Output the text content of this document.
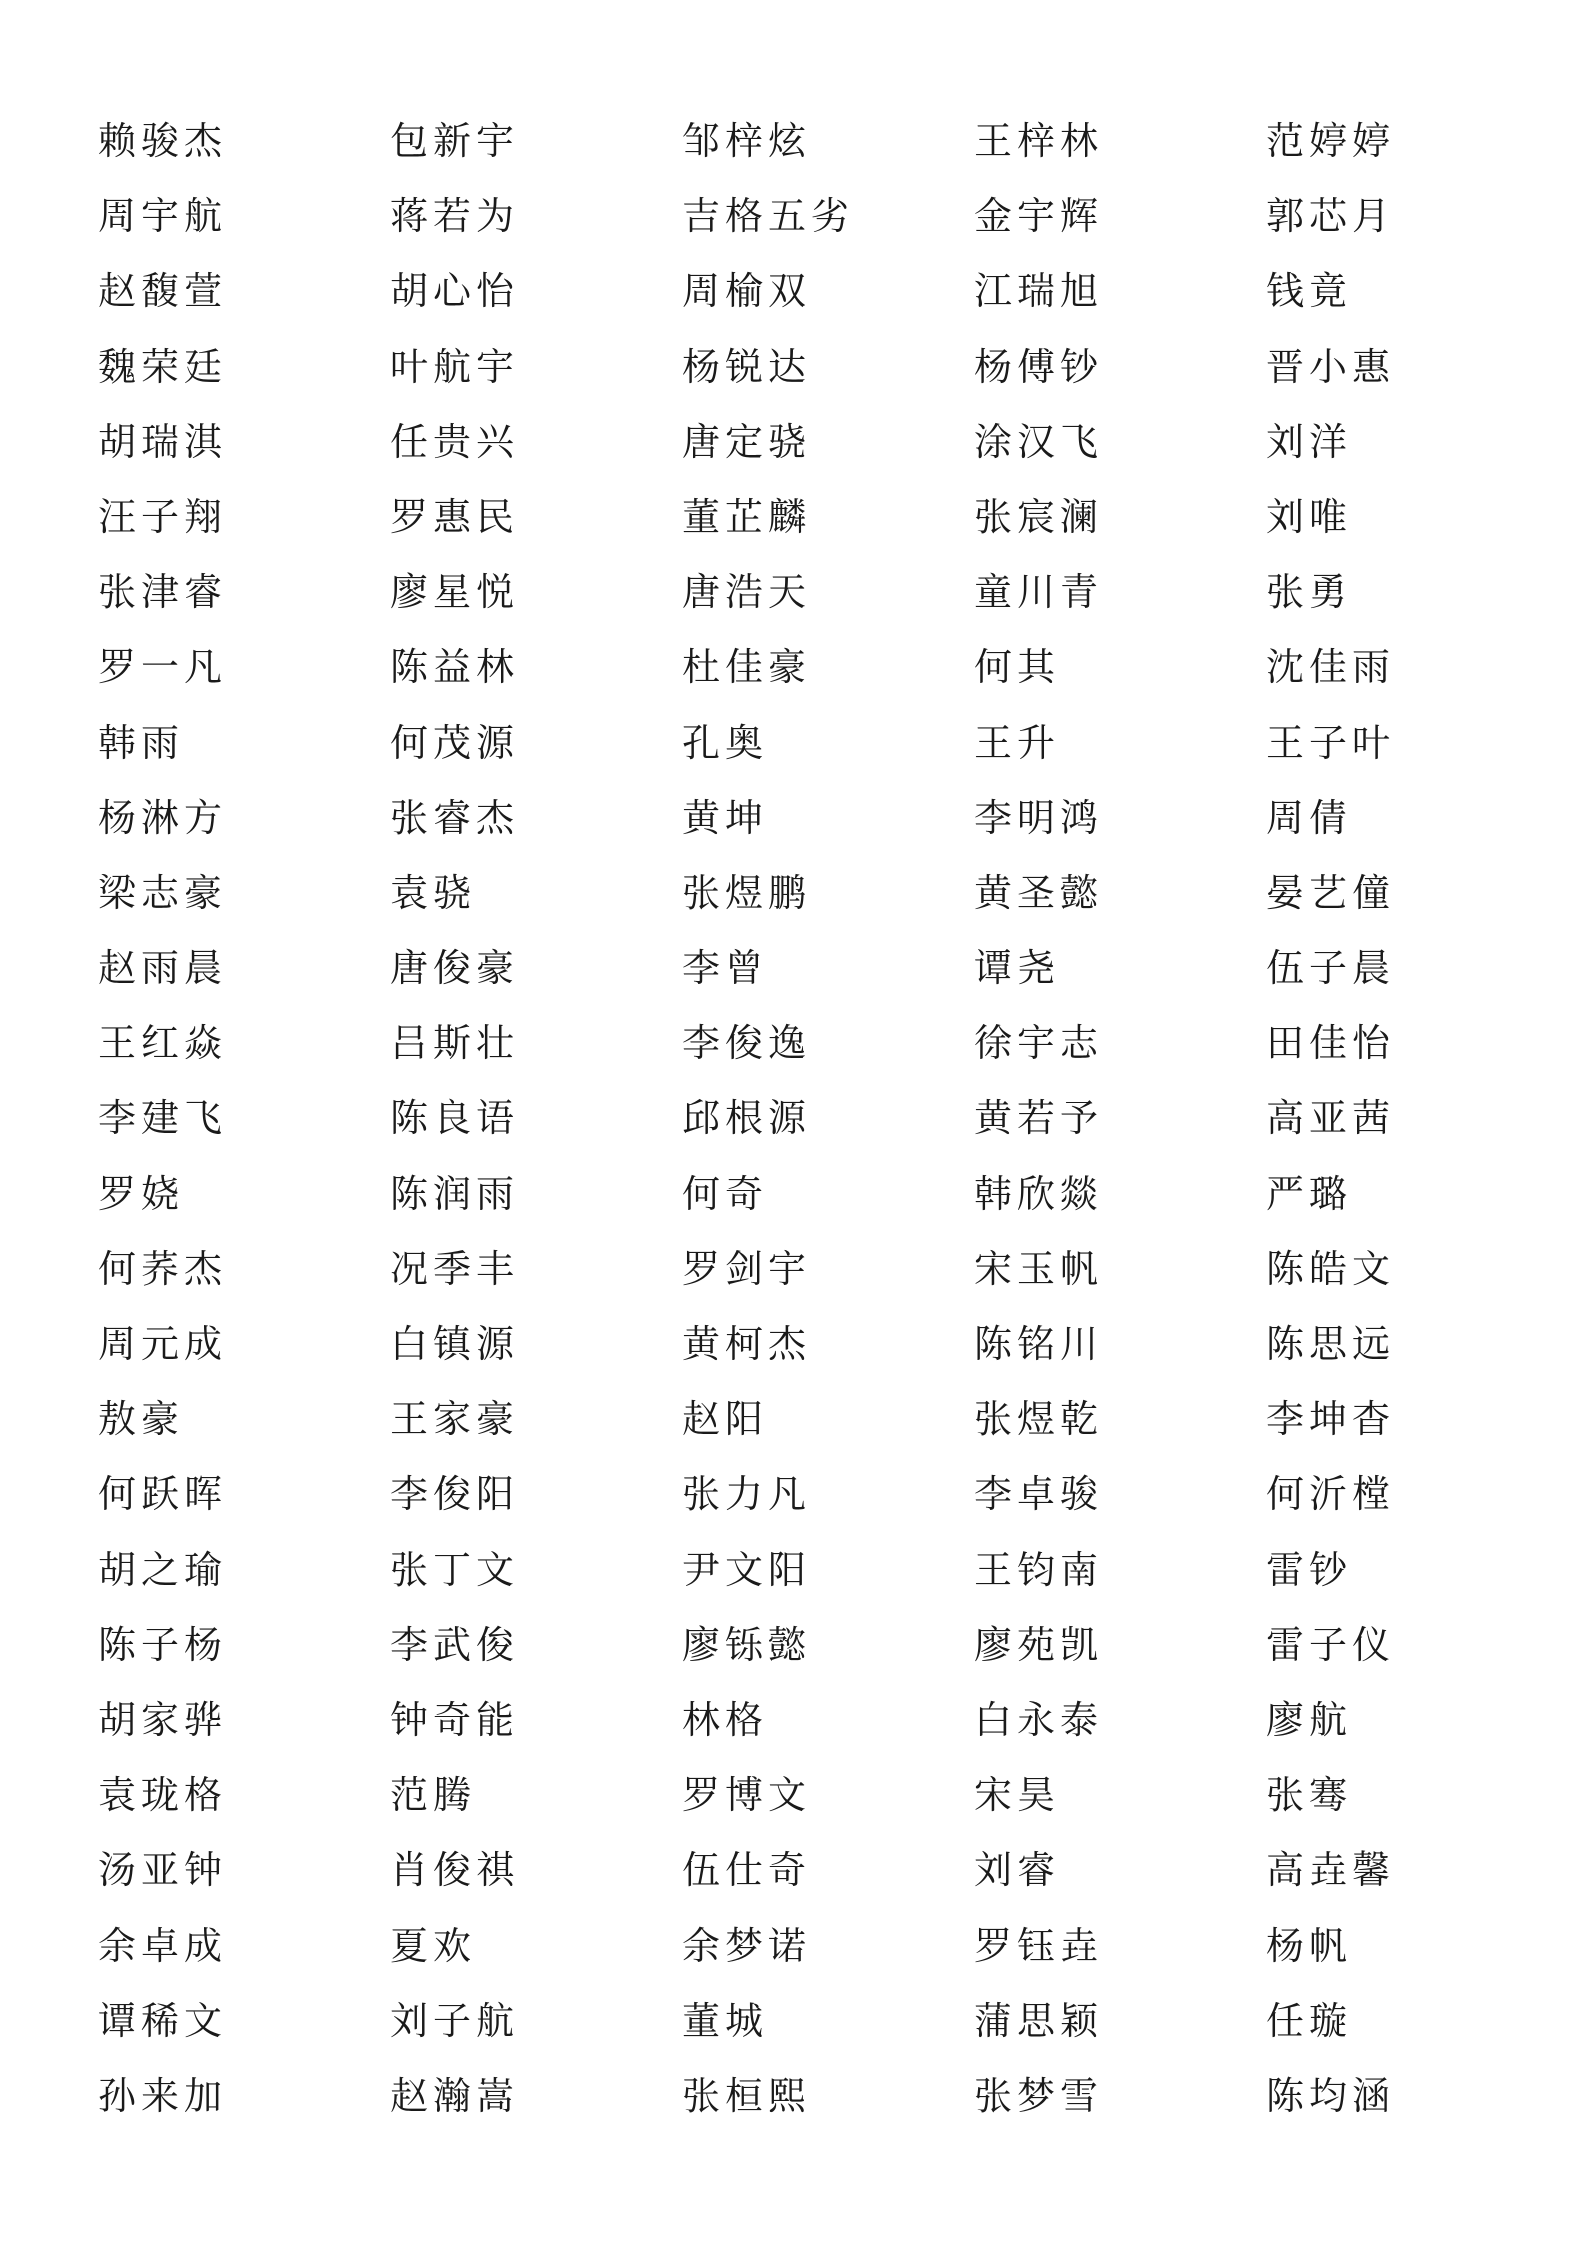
赖骏杰	包新宇	邹梓炫	王梓林	范婷婷
周宇航	蒋若为	吉格五劣	金宇辉	郭芯月
赵馥萱	胡心怡	周榆双	江瑞旭	钱竟
魏荣廷	叶航宇	杨锐达	杨傅钞	晋小惠
胡瑞淇	任贵兴	唐定骁	涂汉飞	刘洋
汪子翔	罗惠民	董芷麟	张宸澜	刘唯
张津睿	廖星悦	唐浩天	童川青	张勇
罗一凡	陈益林	杜佳豪	何其	沈佳雨
韩雨	何茂源	孔奥	王升	王子叶
杨淋方	张睿杰	黄坤	李明鸿	周倩
梁志豪	袁骁	张煜鹏	黄圣懿	晏艺僮
赵雨晨	唐俊豪	李曾	谭尧	伍子晨
王红焱	吕斯壮	李俊逸	徐宇志	田佳怡
李建飞	陈良语	邱根源	黄若予	高亚茜
罗娆	陈润雨	何奇	韩欣燚	严璐
何荞杰	况季丰	罗剑宇	宋玉帆	陈皓文
周元成	白镇源	黄柯杰	陈铭川	陈思远
敖豪	王家豪	赵阳	张煜乾	李坤杳
何跃晖	李俊阳	张力凡	李卓骏	何沂樘
胡之瑜	张丁文	尹文阳	王钧南	雷钞
陈子杨	李武俊	廖铄懿	廖苑凯	雷子仪
胡家骅	钟奇能	林格	白永泰	廖航
袁珑格	范腾	罗博文	宋昊	张骞
汤亚钟	肖俊祺	伍仕奇	刘睿	高垚馨
余卓成	夏欢	余梦诺	罗钰垚	杨帆
谭稀文	刘子航	董城	蒲思颖	任璇
孙来加	赵瀚嵩	张桓熙	张梦雪	陈均涵
